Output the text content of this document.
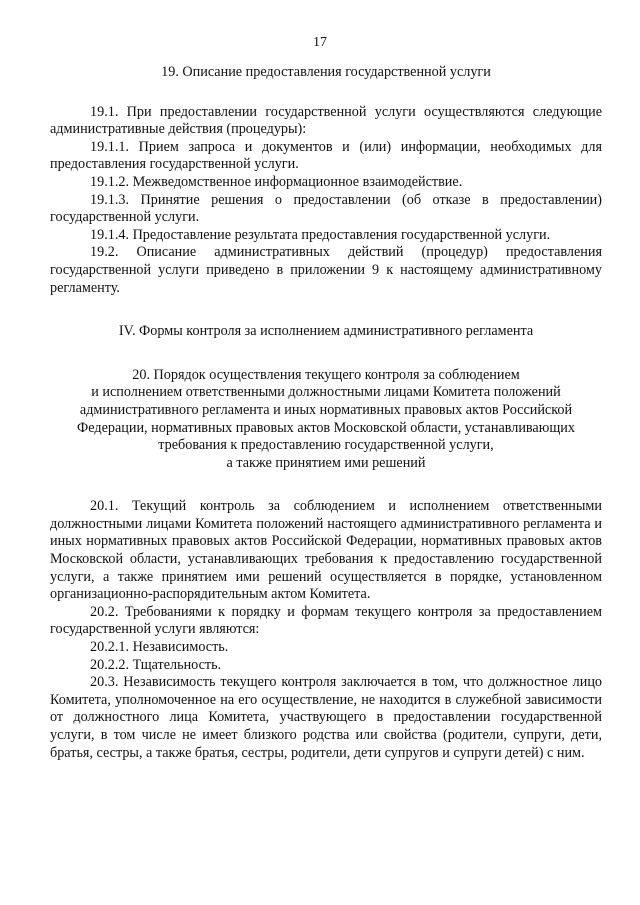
17

19. Описание предоставления государственной услуги

19.1. При предоставлении государственной услуги осуществляются следующие административные действия (процедуры):

19.1.1. Прием запроса и документов и (или) информации, необходимых для предоставления государственной услуги.

19.1.2. Межведомственное информационное взаимодействие.

19.1.3. Принятие решения о предоставлении (об отказе в предоставлении) государственной услуги.

19.1.4. Предоставление результата предоставления государственной услуги.

19.2. Описание административных действий (процедур) предоставления государственной услуги приведено в приложении 9 к настоящему административному регламенту.

IV. Формы контроля за исполнением административного регламента

20. Порядок осуществления текущего контроля за соблюдением
и исполнением ответственными должностными лицами Комитета положений
административного регламента и иных нормативных правовых актов Российской
Федерации, нормативных правовых актов Московской области, устанавливающих
требования к предоставлению государственной услуги,
а также принятием ими решений

20.1. Текущий контроль за соблюдением и исполнением ответственными должностными лицами Комитета положений настоящего административного регламента и иных нормативных правовых актов Российской Федерации, нормативных правовых актов Московской области, устанавливающих требования к предоставлению государственной услуги, а также принятием ими решений осуществляется в порядке, установленном организационно-распорядительным актом Комитета.

20.2. Требованиями к порядку и формам текущего контроля за предоставлением государственной услуги являются:

20.2.1. Независимость.

20.2.2. Тщательность.

20.3. Независимость текущего контроля заключается в том, что должностное лицо Комитета, уполномоченное на его осуществление, не находится в служебной зависимости от должностного лица Комитета, участвующего в предоставлении государственной услуги, в том числе не имеет близкого родства или свойства (родители, супруги, дети, братья, сестры, а также братья, сестры, родители, дети супругов и супруги детей) с ним.
